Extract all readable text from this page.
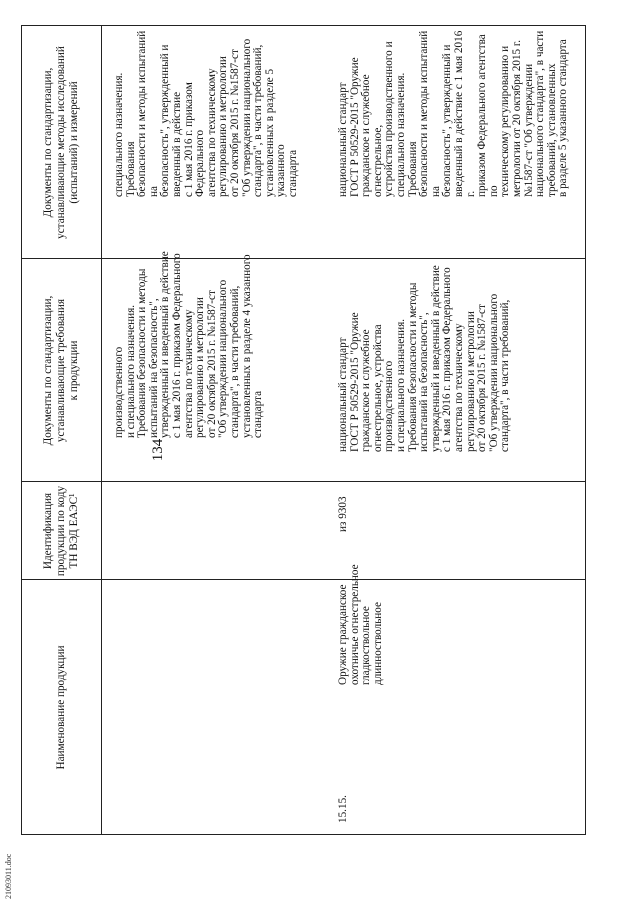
21093011.doc
134
Наименование продукции
Идентификация
продукции по коду
ТН ВЭД ЕАЭС¹
Документы по стандартизации,
устанавливающие требования
к продукции
Документы по стандартизации,
устанавливающие методы исследований
(испытаний) и измерений
производственного
и специального назначения.
Требования безопасности и методы
испытаний на безопасность",
утвержденный и введенный в действие
с 1 мая 2016 г. приказом Федерального
агентства по техническому
регулированию и метрологии
от 20 октября 2015 г. №1587-ст
"Об утверждении национального
стандарта", в части требований,
установленных в разделе 4 указанного
стандарта
специального назначения. Требования
безопасности и методы испытаний на
безопасность", утвержденный и
введенный в действие
с 1 мая 2016 г. приказом Федерального
агентства по техническому
регулированию и метрологии
от 20 октября 2015 г. №1587-ст
"Об утверждении национального
стандарта", в части требований,
установленных в разделе 5 указанного
стандарта
15.15.
Оружие гражданское
охотничье огнестрельное
гладкоствольное
длинноствольное
из 9303
национальный стандарт
ГОСТ Р 50529-2015 "Оружие
гражданское и служебное
огнестрельное, устройства
производственного
и специального назначения.
Требования безопасности и методы
испытаний на безопасность",
утвержденный и введенный в действие
с 1 мая 2016 г. приказом Федерального
агентства по техническому
регулированию и метрологии
от 20 октября 2015 г. №1587-ст
"Об утверждении национального
стандарта", в части требований,
национальный стандарт
ГОСТ Р 50529-2015 "Оружие
гражданское и служебное огнестрельное,
устройства производственного и
специального назначения. Требования
безопасности и методы испытаний на
безопасность", утвержденный и
введенный в действие с 1 мая 2016 г.
приказом Федерального агентства по
техническому регулированию и
метрологии от 20 октября 2015 г.
№1587-ст "Об утверждении
национального стандарта", в части
требований, установленных
в разделе 5 указанного стандарта
